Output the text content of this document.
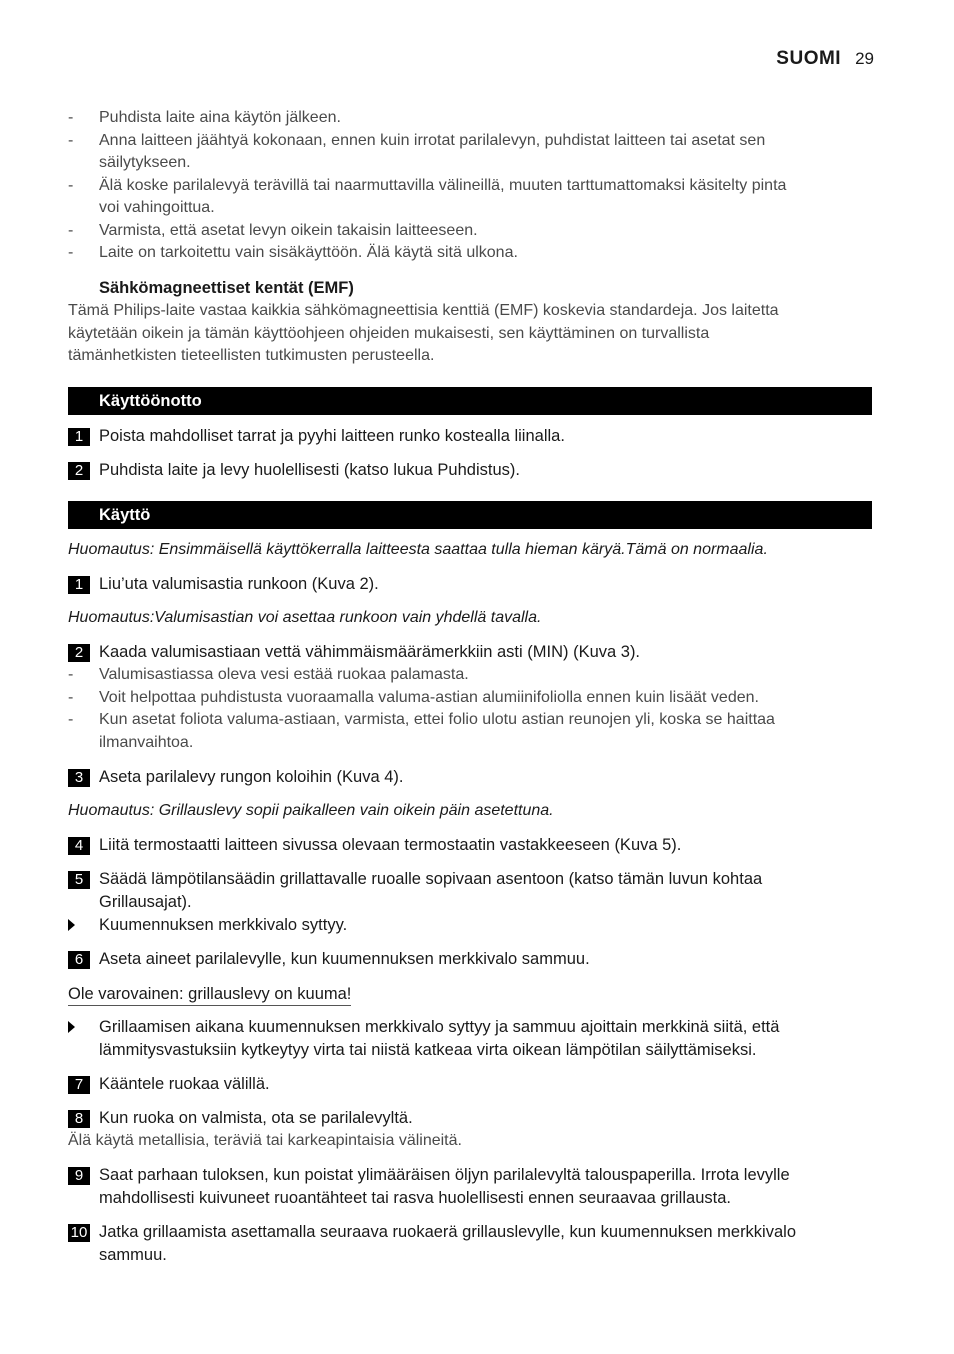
SUOMI 29
- Puhdista laite aina käytön jälkeen.
- Anna laitteen jäähtyä kokonaan, ennen kuin irrotat parilalevyn, puhdistat laitteen tai asetat sen
säilytykseen.
- Älä koske parilalevyä terävillä tai naarmuttavilla välineillä, muuten tarttumattomaksi käsitelty pinta
voi vahingoittua.
- Varmista, että asetat levyn oikein takaisin laitteeseen.
- Laite on tarkoitettu vain sisäkäyttöön. Älä käytä sitä ulkona.
Sähkömagneettiset kentät (EMF)
Tämä Philips-laite vastaa kaikkia sähkömagneettisia kenttiä (EMF) koskevia standardeja. Jos laitetta
käytetään oikein ja tämän käyttöohjeen ohjeiden mukaisesti, sen käyttäminen on turvallista
tämänhetkisten tieteellisten tutkimusten perusteella.
Käyttöönotto
1 Poista mahdolliset tarrat ja pyyhi laitteen runko kostealla liinalla.
2 Puhdista laite ja levy huolellisesti (katso lukua Puhdistus).
Käyttö
Huomautus: Ensimmäisellä käyttökerralla laitteesta saattaa tulla hieman käryä.Tämä on normaalia.
1 Liu’uta valumisastia runkoon (Kuva 2).
Huomautus:Valumisastian voi asettaa runkoon vain yhdellä tavalla.
2 Kaada valumisastiaan vettä vähimmäismäärämerkkiin asti (MIN) (Kuva 3).
- Valumisastiassa oleva vesi estää ruokaa palamasta.
- Voit helpottaa puhdistusta vuoraamalla valuma-astian alumiinifoliolla ennen kuin lisäät veden.
- Kun asetat foliota valuma-astiaan, varmista, ettei folio ulotu astian reunojen yli, koska se haittaa
ilmanvaihtoa.
3 Aseta parilalevy rungon koloihin (Kuva 4).
Huomautus: Grillauslevy sopii paikalleen vain oikein päin asetettuna.
4 Liitä termostaatti laitteen sivussa olevaan termostaatin vastakkeeseen (Kuva 5).
5 Säädä lämpötilansäädin grillattavalle ruoalle sopivaan asentoon (katso tämän luvun kohtaa
Grillausajat).
Kuumennuksen merkkivalo syttyy.
6 Aseta aineet parilalevylle, kun kuumennuksen merkkivalo sammuu.
Ole varovainen: grillauslevy on kuuma!
Grillaamisen aikana kuumennuksen merkkivalo syttyy ja sammuu ajoittain merkkinä siitä, että
lämmitysvastuksiin kytkeytyy virta tai niistä katkeaa virta oikean lämpötilan säilyttämiseksi.
7 Kääntele ruokaa välillä.
8 Kun ruoka on valmista, ota se parilalevyltä.
Älä käytä metallisia, teräviä tai karkeapintaisia välineitä.
9 Saat parhaan tuloksen, kun poistat ylimääräisen öljyn parilalevyltä talouspaperilla. Irrota levylle
mahdollisesti kuivuneet ruoantähteet tai rasva huolellisesti ennen seuraavaa grillausta.
10 Jatka grillaamista asettamalla seuraava ruokaerä grillauslevylle, kun kuumennuksen merkkivalo
sammuu.
